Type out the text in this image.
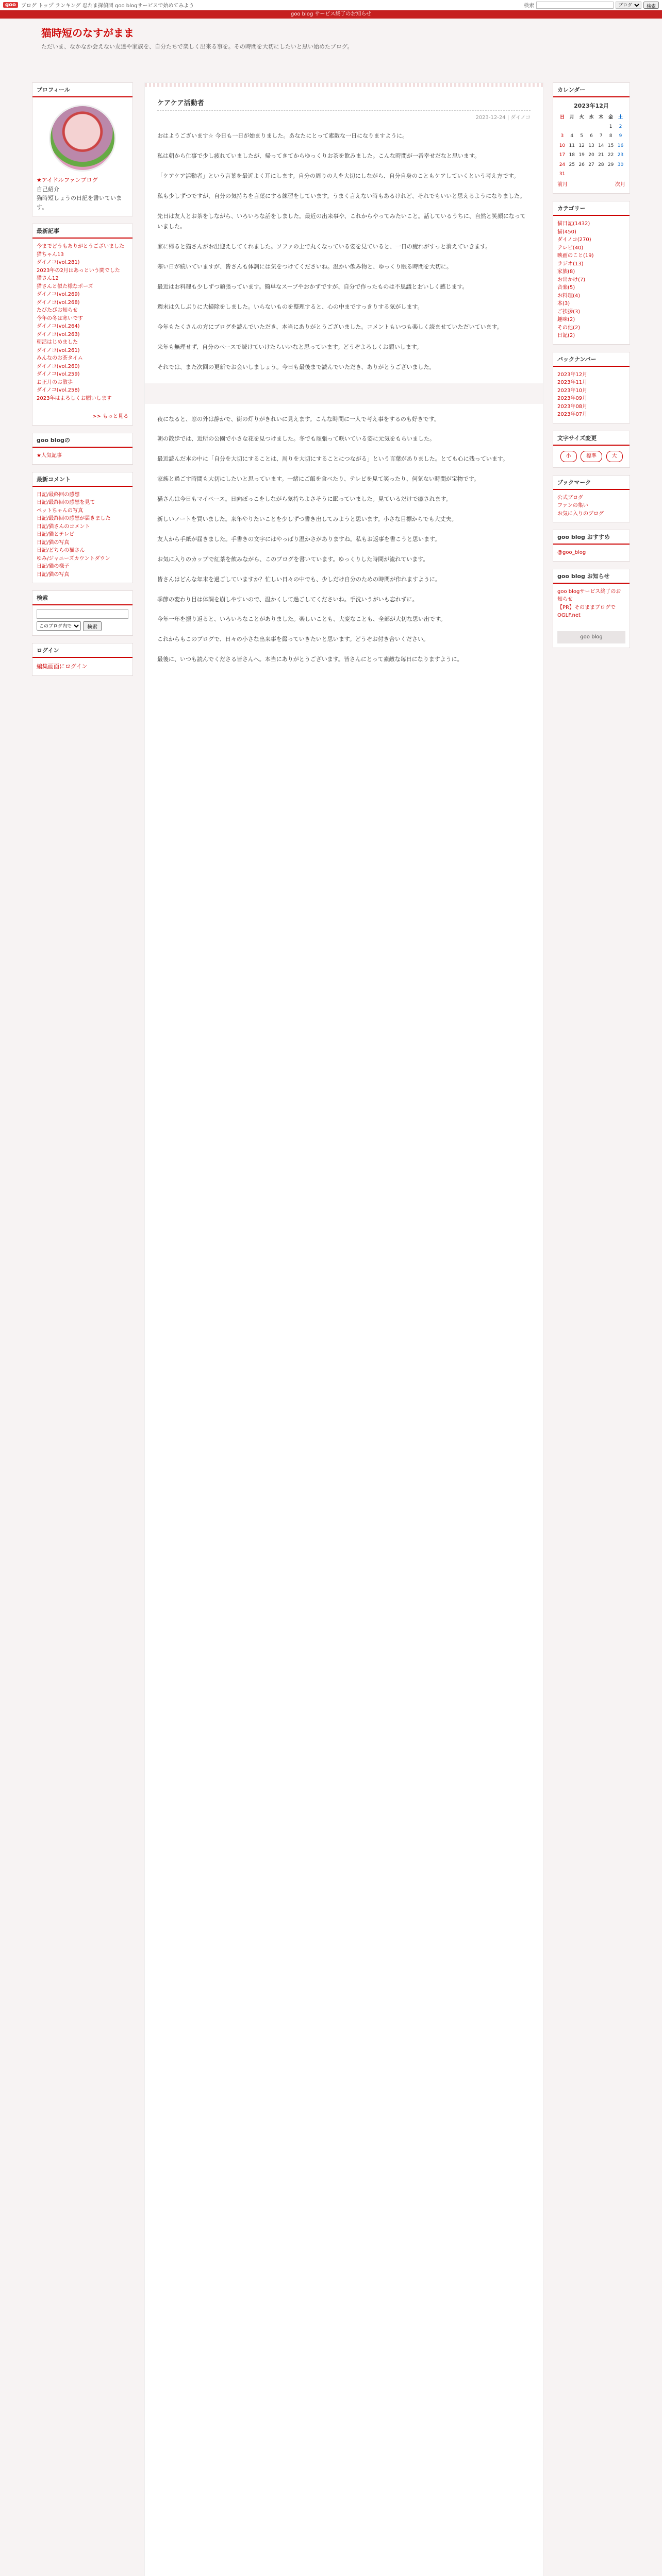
goo	ブログ トップ ランキング 忍たま探偵団 goo blogサービスで始めてみよう	検索
ブログ	検索
goo blog サービス終了のお知らせ
猫時短のなすがまま
ただいま、なかなか会えない友達や家族を、自分たちで楽しく出来る事を。その時間を大切にしたいと思い始めたブログ。
プロフィール
★アイドルファンブログ
自己紹介
猫時短しょうの日記を書いています。
最新記事
今までどうもありがとうございました
猫ちゃん13
ダイノコ(vol.281)
2023年の2月はあっという間でした
猫さん12
猫さんと似た様なポーズ
ダイノコ(vol.269)
ダイノコ(vol.268)
たびたびお知らせ
今年の冬は寒いです
ダイノコ(vol.264)
ダイノコ(vol.263)
朝活はじめました
ダイノコ(vol.261)
みんなのお茶タイム
ダイノコ(vol.260)
ダイノコ(vol.259)
お正月のお散歩
ダイノコ(vol.258)
2023年はよろしくお願いします
>> もっと見る
goo blogの
★人気記事
最新コメント
日記/最終回の感想
日記/最終回の感想を見て
ペットちゃんの写真
日記/最終回の感想が届きました
日記/猫さんのコメント
日記/猫とテレビ
日記/猫の写真
日記/どちらの猫さん
ゆみ/ジャニーズカウントダウン
日記/猫の様子
日記/猫の写真
検索
このブログ内で
検索
ログイン
編集画面にログイン
ケアケア活動者
2023-12-24 | ダイノコ

おはようございます☆ 今日も一日が始まりました。あなたにとって素敵な一日になりますように。

私は朝から仕事で少し疲れていましたが、帰ってきてからゆっくりお茶を飲みました。こんな時間が一番幸せだなと思います。

「ケアケア活動者」という言葉を最近よく耳にします。自分の周りの人を大切にしながら、自分自身のこともケアしていくという考え方です。

私も少しずつですが、自分の気持ちを言葉にする練習をしています。うまく言えない時もあるけれど、それでもいいと思えるようになりました。

先日は友人とお茶をしながら、いろいろな話をしました。最近の出来事や、これからやってみたいこと。話しているうちに、自然と笑顔になっていました。

家に帰ると猫さんがお出迎えしてくれました。ソファの上で丸くなっている姿を見ていると、一日の疲れがすっと消えていきます。

寒い日が続いていますが、皆さんも体調には気をつけてくださいね。温かい飲み物と、ゆっくり眠る時間を大切に。

最近はお料理も少しずつ頑張っています。簡単なスープやおかずですが、自分で作ったものは不思議とおいしく感じます。

週末は久しぶりに大掃除をしました。いらないものを整理すると、心の中まですっきりする気がします。

今年もたくさんの方にブログを読んでいただき、本当にありがとうございました。コメントもいつも楽しく読ませていただいています。

来年も無理せず、自分のペースで続けていけたらいいなと思っています。どうぞよろしくお願いします。

それでは、また次回の更新でお会いしましょう。今日も最後まで読んでいただき、ありがとうございました。

夜になると、窓の外は静かで、街の灯りがきれいに見えます。こんな時間に一人で考え事をするのも好きです。

朝の散歩では、近所の公園で小さな花を見つけました。冬でも頑張って咲いている姿に元気をもらいました。

最近読んだ本の中に「自分を大切にすることは、周りを大切にすることにつながる」という言葉がありました。とても心に残っています。

家族と過ごす時間も大切にしたいと思っています。一緒にご飯を食べたり、テレビを見て笑ったり、何気ない時間が宝物です。

猫さんは今日もマイペース。日向ぼっこをしながら気持ちよさそうに眠っていました。見ているだけで癒されます。

新しいノートを買いました。来年やりたいことを少しずつ書き出してみようと思います。小さな目標からでも大丈夫。

友人から手紙が届きました。手書きの文字にはやっぱり温かさがありますね。私もお返事を書こうと思います。

お気に入りのカップで紅茶を飲みながら、このブログを書いています。ゆっくりした時間が流れています。

皆さんはどんな年末を過ごしていますか？忙しい日々の中でも、少しだけ自分のための時間が作れますように。

季節の変わり目は体調を崩しやすいので、温かくして過ごしてくださいね。手洗いうがいも忘れずに。

今年一年を振り返ると、いろいろなことがありました。楽しいことも、大変なことも、全部が大切な思い出です。

これからもこのブログで、日々の小さな出来事を綴っていきたいと思います。どうぞお付き合いください。

最後に、いつも読んでくださる皆さんへ。本当にありがとうございます。皆さんにとって素敵な毎日になりますように。

カレンダー
2023年12月
日	月	火	水	木	金	土
					1	2
3	4	5	6	7	8	9
10	11	12	13	14	15	16
17	18	19	20	21	22	23
24	25	26	27	28	29	30
31						
前月	次月
カテゴリー
猫日記(1432)
猫(450)
ダイノコ(270)
テレビ(40)
映画のこと(19)
ラジオ(13)
家族(8)
お出かけ(7)
音楽(5)
お料理(4)
本(3)
ご挨拶(3)
趣味(2)
その他(2)
日記(2)
バックナンバー
2023年12月
2023年11月
2023年10月
2023年09月
2023年08月
2023年07月
文字サイズ変更
小	標準	大
ブックマーク
公式ブログ
ファンの集い
お気に入りのブログ
goo blog おすすめ
@goo_blog
goo blog お知らせ
goo blogサービス終了のお知らせ
【PR】そのままブログでOGLF.net
goo blog
